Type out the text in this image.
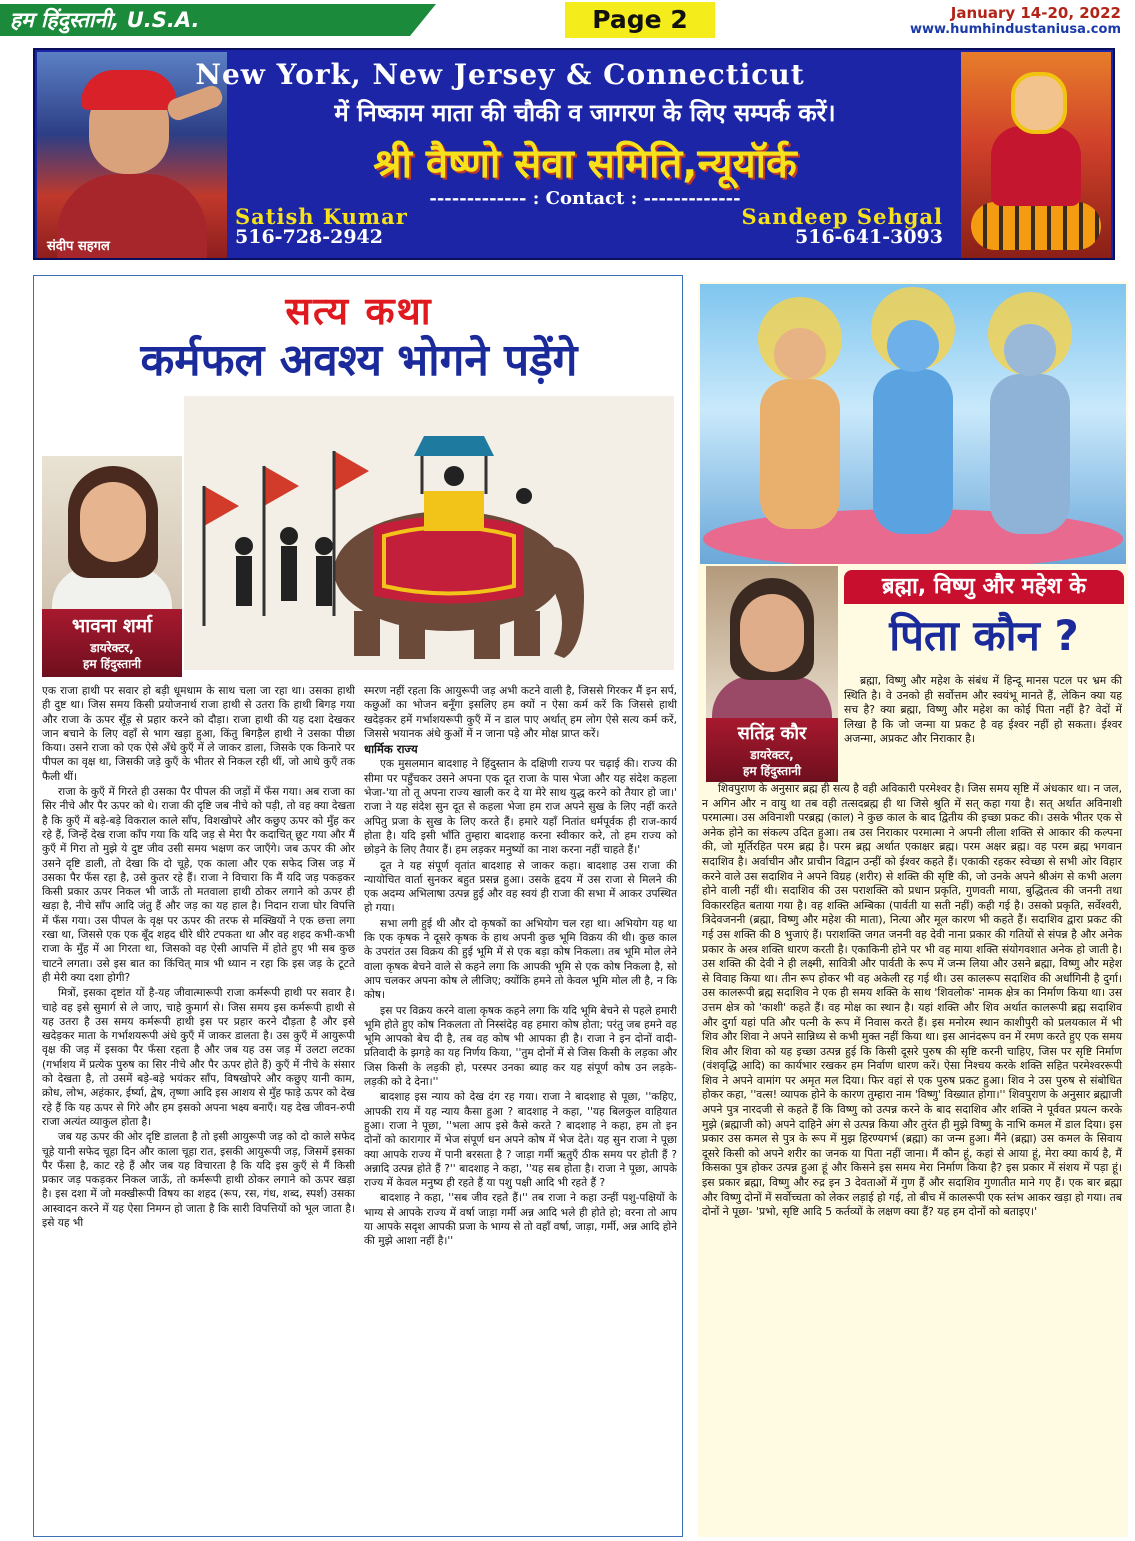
हम हिंदुस्तानी, U.S.A.	Page 2	January 14-20, 2022
www.humhindustaniusa.com
संदीप सहगल
New York, New Jersey & Connecticut
में निष्काम माता की चौकी व जागरण के लिए सम्पर्क करें।
श्री वैष्णो सेवा समिति,न्यूयॉर्क
------------- : Contact : -------------
Satish Kumar
516-728-2942
Sandeep Sehgal
516-641-3093
सत्य कथा
कर्मफल अवश्य भोगने पड़ेंगे
भावना शर्मा
डायरेक्टर,
हम हिंदुस्तानी

एक राजा हाथी पर सवार हो बड़ी धूमधाम के साथ चला जा रहा था। उसका हाथी ही दुष्ट था। जिस समय किसी प्रयोजनार्थ राजा हाथी से उतरा कि हाथी बिगड़ गया और राजा के ऊपर सूँड़ से प्रहार करने को दौड़ा। राजा हाथी की यह दशा देखकर जान बचाने के लिए वहाँ से भाग खड़ा हुआ, किंतु बिगड़ैल हाथी ने उसका पीछा किया। उसने राजा को एक ऐसे अँधे कुएँ में ले जाकर डाला, जिसके एक किनारे पर पीपल का वृक्ष था, जिसकी जड़े कुएँ के भीतर से निकल रही थीं, जो आधे कुएँ तक फैली थीं।

राजा के कुएँ में गिरते ही उसका पैर पीपल की जड़ों में फँस गया। अब राजा का सिर नीचे और पैर ऊपर को थे। राजा की दृष्टि जब नीचे को पड़ी, तो वह क्या देखता है कि कुएँ में बड़े-बड़े विकराल काले साँप, विशखोपरे और कछुए ऊपर को मुँह कर रहे हैं, जिन्हें देख राजा काँप गया कि यदि जड़ से मेरा पैर कदाचित् छूट गया और मैं कुएँ में गिरा तो मुझे ये दुष्ट जीव उसी समय भक्षण कर जाएँगे। जब ऊपर की ओर उसने दृष्टि डाली, तो देखा कि दो चूहे, एक काला और एक सफेद जिस जड़ में उसका पैर फँस रहा है, उसे कुतर रहे हैं। राजा ने विचारा कि मैं यदि जड़ पकड़कर किसी प्रकार ऊपर निकल भी जाऊँ तो मतवाला हाथी ठोकर लगाने को ऊपर ही खड़ा है, नीचे साँप आदि जंतु हैं और जड़ का यह हाल है। निदान राजा घोर विपत्ति में फँस गया। उस पीपल के वृक्ष पर ऊपर की तरफ से मक्खियों ने एक छत्ता लगा रखा था, जिससे एक एक बूँद शहद धीरे धीरे टपकता था और वह शहद कभी-कभी राजा के मुँह में आ गिरता था, जिसको वह ऐसी आपत्ति में होते हुए भी सब कुछ चाटने लगता। उसे इस बात का किंचित् मात्र भी ध्यान न रहा कि इस जड़ के टूटते ही मेरी क्या दशा होगी?

मित्रों, इसका दृष्टांत यों है-यह जीवात्मारूपी राजा कर्मरूपी हाथी पर सवार है। चाहे वह इसे सुमार्ग से ले जाए, चाहे कुमार्ग से। जिस समय इस कर्मरूपी हाथी से यह उतरा है उस समय कर्मरूपी हाथी इस पर प्रहार करने दौड़ता है और इसे खदेड़कर माता के गर्भाशयरूपी अंधे कुएँ में जाकर डालता है। उस कुएँ में आयुरूपी वृक्ष की जड़ में इसका पैर फँसा रहता है और जब यह उस जड़ में उलटा लटका (गर्भाशय में प्रत्येक पुरुष का सिर नीचे और पैर ऊपर होते हैं) कुएँ में नीचे के संसार को देखता है, तो उसमें बड़े-बड़े भयंकर साँप, विषखोपरे और कछुए यानी काम, क्रोध, लोभ, अहंकार, ईर्ष्या, द्वेष, तृष्णा आदि इस आशय से मुँह फाड़े ऊपर को देख रहे हैं कि यह ऊपर से गिरे और हम इसको अपना भक्ष्य बनाएँ। यह देख जीवन-रुपी राजा अत्यंत व्याकुल होता है।

जब यह ऊपर की ओर दृष्टि डालता है तो इसी आयुरूपी जड़ को दो काले सफेद चूहे यानी सफेद चूहा दिन और काला चूहा रात, इसकी आयुरूपी जड़, जिसमें इसका पैर फँसा है, काट रहे हैं और जब यह विचारता है कि यदि इस कुएँ से मैं किसी प्रकार जड़ पकड़कर निकल जाऊँ, तो कर्मरूपी हाथी ठोकर लगाने को ऊपर खड़ा है। इस दशा में जो मक्खीरूपी विषय का शहद (रूप, रस, गंध, शब्द, स्पर्श) उसका आस्वादन करने में यह ऐसा निमग्न हो जाता है कि सारी विपत्तियों को भूल जाता है। इसे यह भी

स्मरण नहीं रहता कि आयुरूपी जड़ अभी कटने वाली है, जिससे गिरकर मैं इन सर्प, कछुओं का भोजन बनूँगा इसलिए हम क्यों न ऐसा कर्म करें कि जिससे हाथी खदेड़कर हमें गर्भाशयरूपी कुएँ में न डाल पाए अर्थात् हम लोग ऐसे सत्य कर्म करें, जिससे भयानक अंधे कुओं में न जाना पड़े और मोक्ष प्राप्त करें।

धार्मिक राज्य

एक मुसलमान बादशाह ने हिंदुस्तान के दक्षिणी राज्य पर चढ़ाई की। राज्य की सीमा पर पहुँचकर उसने अपना एक दूत राजा के पास भेजा और यह संदेश कहला भेजा-'या तो तू अपना राज्य खाली कर दे या मेरे साथ युद्ध करने को तैयार हो जा।' राजा ने यह संदेश सुन दूत से कहला भेजा हम राज अपने सुख के लिए नहीं करते अपितु प्रजा के सुख के लिए करते हैं। हमारे यहाँ नितांत धर्मपूर्वक ही राज-कार्य होता है। यदि इसी भाँति तुम्हारा बादशाह करना स्वीकार करे, तो हम राज्य को छोड़ने के लिए तैयार हैं। हम लड़कर मनुष्यों का नाश करना नहीं चाहते हैं।'

दूत ने यह संपूर्ण वृतांत बादशाह से जाकर कहा। बादशाह उस राजा की न्यायोचित वार्ता सुनकर बहुत प्रसन्न हुआ। उसके हृदय में उस राजा से मिलने की एक अदम्य अभिलाषा उत्पन्न हुई और वह स्वयं ही राजा की सभा में आकर उपस्थित हो गया।

सभा लगी हुई थी और दो कृषकों का अभियोग चल रहा था। अभियोग यह था कि एक कृषक ने दूसरे कृषक के हाथ अपनी कुछ भूमि विक्रय की थी। कुछ काल के उपरांत उस विक्रय की हुई भूमि में से एक बड़ा कोष निकला। तब भूमि मोल लेने वाला कृषक बेचने वाले से कहने लगा कि आपकी भूमि से एक कोष निकला है, सो आप चलकर अपना कोष ले लीजिए; क्योंकि हमने तो केवल भूमि मोल ली है, न कि कोष।

इस पर विक्रय करने वाला कृषक कहने लगा कि यदि भूमि बेचने से पहले हमारी भूमि होते हुए कोष निकलता तो निस्संदेह वह हमारा कोष होता; परंतु जब हमने वह भूमि आपको बेच दी है, तब वह कोष भी आपका ही है। राजा ने इन दोनों वादी-प्रतिवादी के झगड़े का यह निर्णय किया, ''तुम दोनों में से जिस किसी के लड़का और जिस किसी के लड़की हो, परस्पर उनका ब्याह कर यह संपूर्ण कोष उन लड़के-लड़की को दे देना।''

बादशाह इस न्याय को देख दंग रह गया। राजा ने बादशाह से पूछा, ''कहिए, आपकी राय में यह न्याय कैसा हुआ ? बादशाह ने कहा, ''यह बिलकुल वाहियात हुआ। राजा ने पूछा, ''भला आप इसे कैसे करते ? बादशाह ने कहा, हम तो इन दोनों को कारागार में भेज संपूर्ण धन अपने कोष में भेज देते। यह सुन राजा ने पूछा क्या आपके राज्य में पानी बरसता है ? जाड़ा गर्मी ऋतुएँ ठीक समय पर होती हैं ? अन्नादि उत्पन्न होते हैं ?'' बादशाह ने कहा, ''यह सब होता है। राजा ने पूछा, आपके राज्य में केवल मनुष्य ही रहते हैं या पशु पक्षी आदि भी रहते हैं ?

बादशाह ने कहा, ''सब जीव रहते हैं।'' तब राजा ने कहा उन्हीं पशु-पक्षियों के भाग्य से आपके राज्य में वर्षा जाड़ा गर्मी अन्न आदि भले ही होते हो; वरना तो आप या आपके सदृश आपकी प्रजा के भाग्य से तो वहाँ वर्षा, जाड़ा, गर्मी, अन्न आदि होने की मुझे आशा नहीं है।''

सतिंद्र कौर
डायरेक्टर,
हम हिंदुस्तानी
ब्रह्मा, विष्णु और महेश के
पिता कौन ?

ब्रह्मा, विष्णु और महेश के संबंध में हिन्दू मानस पटल पर भ्रम की स्थिति है। वे उनको ही सर्वोत्तम और स्वयंभू मानते हैं, लेकिन क्या यह सच है? क्या ब्रह्मा, विष्णु और महेश का कोई पिता नहीं है? वेदों में लिखा है कि जो जन्मा या प्रकट है वह ईश्वर नहीं हो सकता। ईश्वर अजन्मा, अप्रकट और निराकार है।

शिवपुराण के अनुसार ब्रह्म ही सत्य है वही अविकारी परमेश्वर है। जिस समय सृष्टि में अंधकार था। न जल, न अगिन और न वायु था तब वही तत्सदब्रह्म ही था जिसे श्रुति में सत् कहा गया है। सत् अर्थात अविनाशी परमात्मा। उस अविनाशी परब्रह्म (काल) ने कुछ काल के बाद द्वितीय की इच्छा प्रकट की। उसके भीतर एक से अनेक होने का संकल्प उदित हुआ। तब उस निराकार परमात्मा ने अपनी लीला शक्ति से आकार की कल्पना की, जो मूर्तिरहित परम ब्रह्म है। परम ब्रह्म अर्थात एकाक्षर ब्रह्म। परम अक्षर ब्रह्म। वह परम ब्रह्म भगवान सदाशिव है। अर्वाचीन और प्राचीन विद्वान उन्हीं को ईश्वर कहते हैं। एकाकी रहकर स्वेच्छा से सभी ओर विहार करने वाले उस सदाशिव ने अपने विग्रह (शरीर) से शक्ति की सृष्टि की, जो उनके अपने श्रीअंग से कभी अलग होने वाली नहीं थी। सदाशिव की उस पराशक्ति को प्रधान प्रकृति, गुणवती माया, बुद्धितत्व की जननी तथा विकाररहित बताया गया है। वह शक्ति अम्बिका (पार्वती या सती नहीं) कही गई है। उसको प्रकृति, सर्वेश्वरी, त्रिदेवजननी (ब्रह्मा, विष्णु और महेश की माता), नित्या और मूल कारण भी कहते हैं। सदाशिव द्वारा प्रकट की गई उस शक्ति की 8 भुजाएं हैं। पराशक्ति जगत जननी वह देवी नाना प्रकार की गतियों से संपन्न है और अनेक प्रकार के अस्त्र शक्ति धारण करती है। एकाकिनी होने पर भी वह माया शक्ति संयोगवशात अनेक हो जाती है। उस शक्ति की देवी ने ही लक्ष्मी, सावित्री और पार्वती के रूप में जन्म लिया और उसने ब्रह्मा, विष्णु और महेश से विवाह किया था। तीन रूप होकर भी वह अकेली रह गई थी। उस कालरूप सदाशिव की अर्धांगिनी है दुर्गा। उस कालरूपी ब्रह्म सदाशिव ने एक ही समय शक्ति के साथ 'शिवलोक' नामक क्षेत्र का निर्माण किया था। उस उत्तम क्षेत्र को 'काशी' कहते हैं। वह मोक्ष का स्थान है। यहां शक्ति और शिव अर्थात कालरूपी ब्रह्म सदाशिव और दुर्गा यहां पति और पत्नी के रूप में निवास करते हैं। इस मनोरम स्थान काशीपुरी को प्रलयकाल में भी शिव और शिवा ने अपने सान्निध्य से कभी मुक्त नहीं किया था। इस आनंदरूप वन में रमण करते हुए एक समय शिव और शिवा को यह इच्छा उत्पन्न हुई कि किसी दूसरे पुरुष की सृष्टि करनी चाहिए, जिस पर सृष्टि निर्माण (वंशवृद्धि आदि) का कार्यभार रखकर हम निर्वाण धारण करें। ऐसा निश्चय करके शक्ति सहित परमेश्वररूपी शिव ने अपने वामांग पर अमृत मल दिया। फिर वहां से एक पुरुष प्रकट हुआ। शिव ने उस पुरुष से संबोधित होकर कहा, ''वत्स! व्यापक होने के कारण तुम्हारा नाम 'विष्णु' विख्यात होगा।'' शिवपुराण के अनुसार ब्रह्माजी अपने पुत्र नारदजी से कहते हैं कि विष्णु को उत्पन्न करने के बाद सदाशिव और शक्ति ने पूर्ववत प्रयत्न करके मुझे (ब्रह्माजी को) अपने दाहिने अंग से उत्पन्न किया और तुरंत ही मुझे विष्णु के नाभि कमल में डाल दिया। इस प्रकार उस कमल से पुत्र के रूप में मुझ हिरण्यगर्भ (ब्रह्मा) का जन्म हुआ। मैंने (ब्रह्मा) उस कमल के सिवाय दूसरे किसी को अपने शरीर का जनक या पिता नहीं जाना। मैं कौन हूं, कहां से आया हूं, मेरा क्या कार्य है, मैं किसका पुत्र होकर उत्पन्न हुआ हूं और किसने इस समय मेरा निर्माण किया है? इस प्रकार में संशय में पड़ा हूं। इस प्रकार ब्रह्मा, विष्णु और रुद्र इन 3 देवताओं में गुण हैं और सदाशिव गुणातीत माने गए हैं। एक बार ब्रह्मा और विष्णु दोनों में सर्वोच्चता को लेकर लड़ाई हो गई, तो बीच में कालरूपी एक स्तंभ आकर खड़ा हो गया। तब दोनों ने पूछा- 'प्रभो, सृष्टि आदि 5 कर्तव्यों के लक्षण क्या हैं? यह हम दोनों को बताइए।'
